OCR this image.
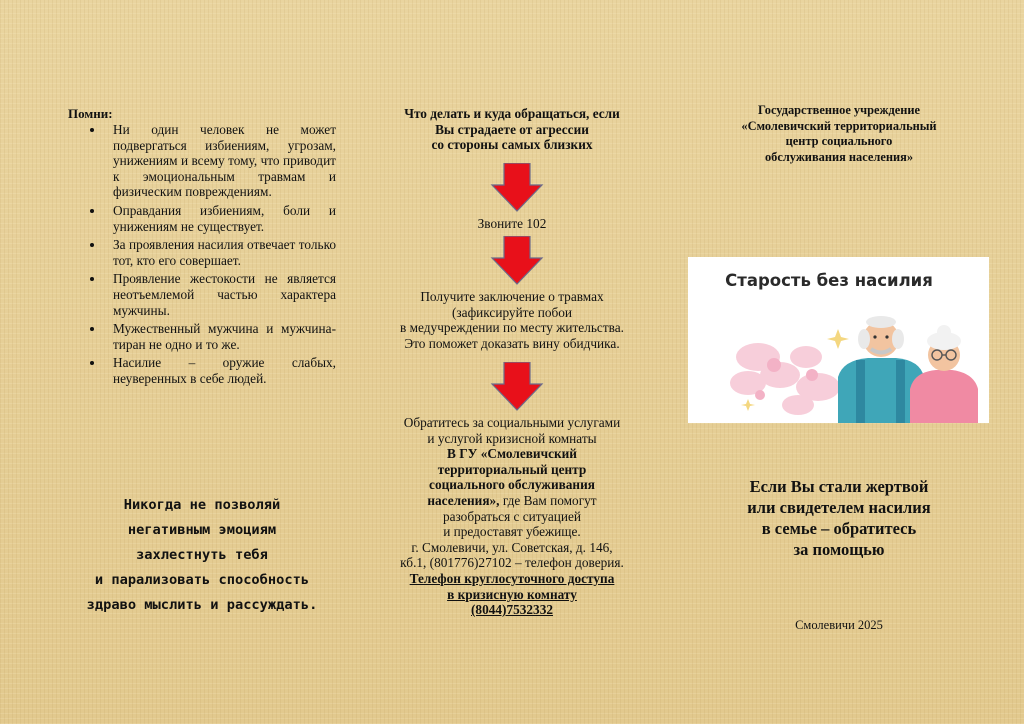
Помни:
Ни один человек не может подвергаться избиениям, угрозам, унижениям и всему тому, что приводит к эмоциональным травмам и физическим повреждениям.
Оправдания избиениям, боли и унижениям не существует.
За проявления насилия отвечает только тот, кто его совершает.
Проявление жестокости не является неотъемлемой частью характера мужчины.
Мужественный мужчина и мужчина-тиран не одно и то же.
Насилие – оружие слабых, неуверенных в себе людей.
Никогда не позволяй
негативным эмоциям
захлестнуть тебя
и парализовать способность
здраво мыслить и рассуждать.
Что делать и куда обращаться, если
Вы страдаете от агрессии
со стороны самых близких
Звоните 102
Получите заключение о травмах
(зафиксируйте побои
в медучреждении по месту жительства.
Это поможет доказать вину обидчика.
Обратитесь за социальными услугами
и услугой кризисной комнаты
В ГУ «Смолевичский
территориальный центр
социального обслуживания
населения», где Вам помогут
разобраться с ситуацией
и предоставят убежище.
г. Смолевичи, ул. Советская, д. 146,
кб.1, (801776)27102 – телефон доверия.
Телефон круглосуточного доступа
в кризисную комнату
(8044)7532332
Государственное учреждение
«Смолевичский территориальный
центр социального
обслуживания населения»
Старость без насилия
Если Вы стали жертвой
или свидетелем насилия
в семье – обратитесь
за помощью
Смолевичи 2025
